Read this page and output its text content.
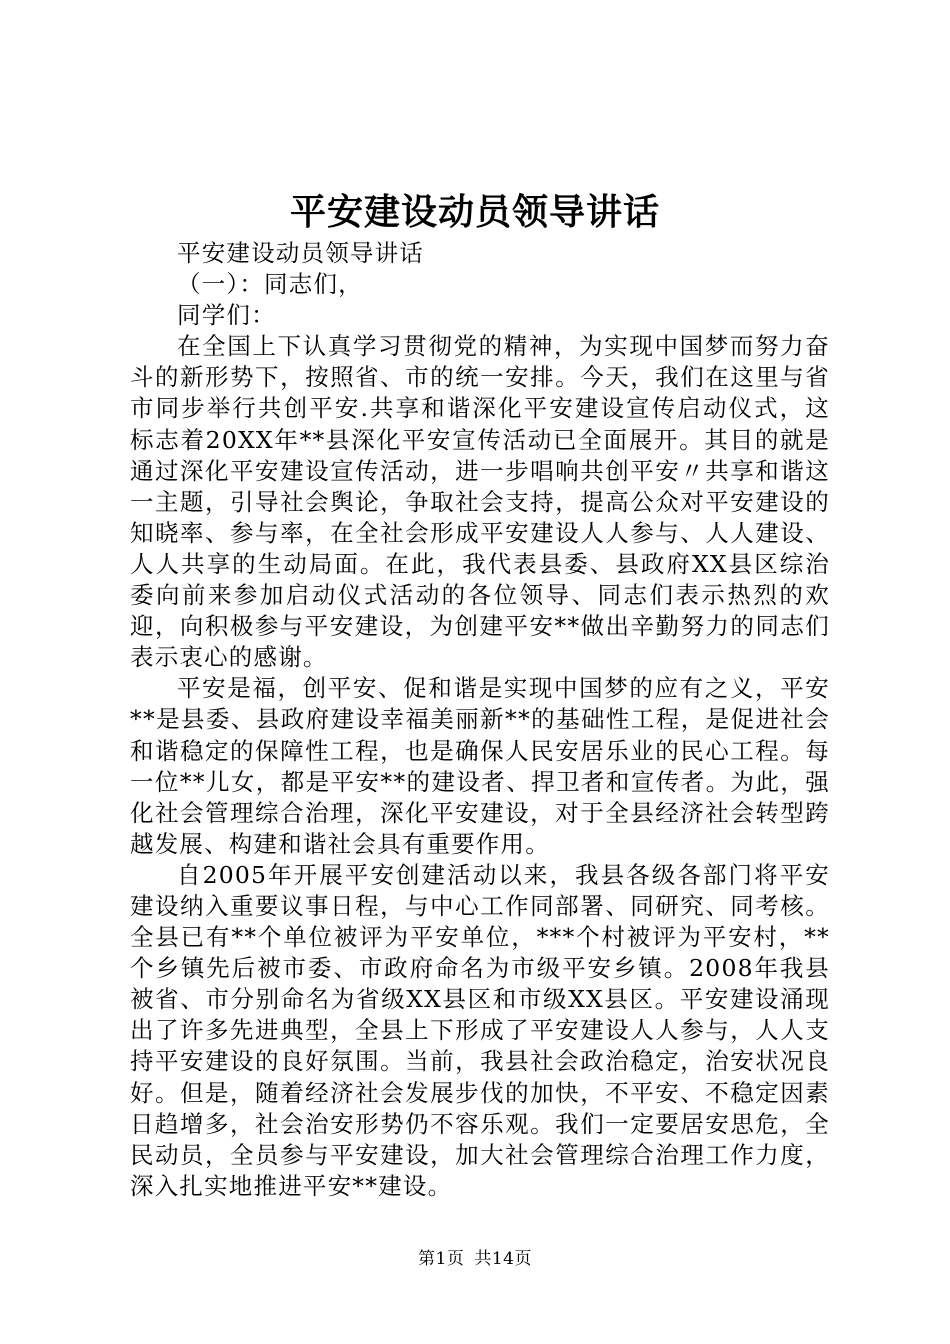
平安建设动员领导讲话

平安建设动员领导讲话

（一）：同志们，

同学们：

在全国上下认真学习贯彻党的精神，为实现中国梦而努力奋斗的新形势下，按照省、市的统一安排。今天，我们在这里与省市同步举行共创平安.共享和谐深化平安建设宣传启动仪式，这标志着20XX年**县深化平安宣传活动已全面展开。其目的就是通过深化平安建设宣传活动，进一步唱响共创平安〃共享和谐这一主题，引导社会舆论，争取社会支持，提高公众对平安建设的知晓率、参与率，在全社会形成平安建设人人参与、人人建设、人人共享的生动局面。在此，我代表县委、县政府XX县区综治委向前来参加启动仪式活动的各位领导、同志们表示热烈的欢迎，向积极参与平安建设，为创建平安**做出辛勤努力的同志们表示衷心的感谢。

平安是福，创平安、促和谐是实现中国梦的应有之义，平安**是县委、县政府建设幸福美丽新**的基础性工程，是促进社会和谐稳定的保障性工程，也是确保人民安居乐业的民心工程。每一位**儿女，都是平安**的建设者、捍卫者和宣传者。为此，强化社会管理综合治理，深化平安建设，对于全县经济社会转型跨越发展、构建和谐社会具有重要作用。

自2005年开展平安创建活动以来，我县各级各部门将平安建设纳入重要议事日程，与中心工作同部署、同研究、同考核。全县已有**个单位被评为平安单位，***个村被评为平安村，**个乡镇先后被市委、市政府命名为市级平安乡镇。2008年我县被省、市分别命名为省级XX县区和市级XX县区。平安建设涌现出了许多先进典型，全县上下形成了平安建设人人参与，人人支持平安建设的良好氛围。当前，我县社会政治稳定，治安状况良好。但是，随着经济社会发展步伐的加快，不平安、不稳定因素日趋增多，社会治安形势仍不容乐观。我们一定要居安思危，全民动员，全员参与平安建设，加大社会管理综合治理工作力度，深入扎实地推进平安**建设。

第1页 共14页
